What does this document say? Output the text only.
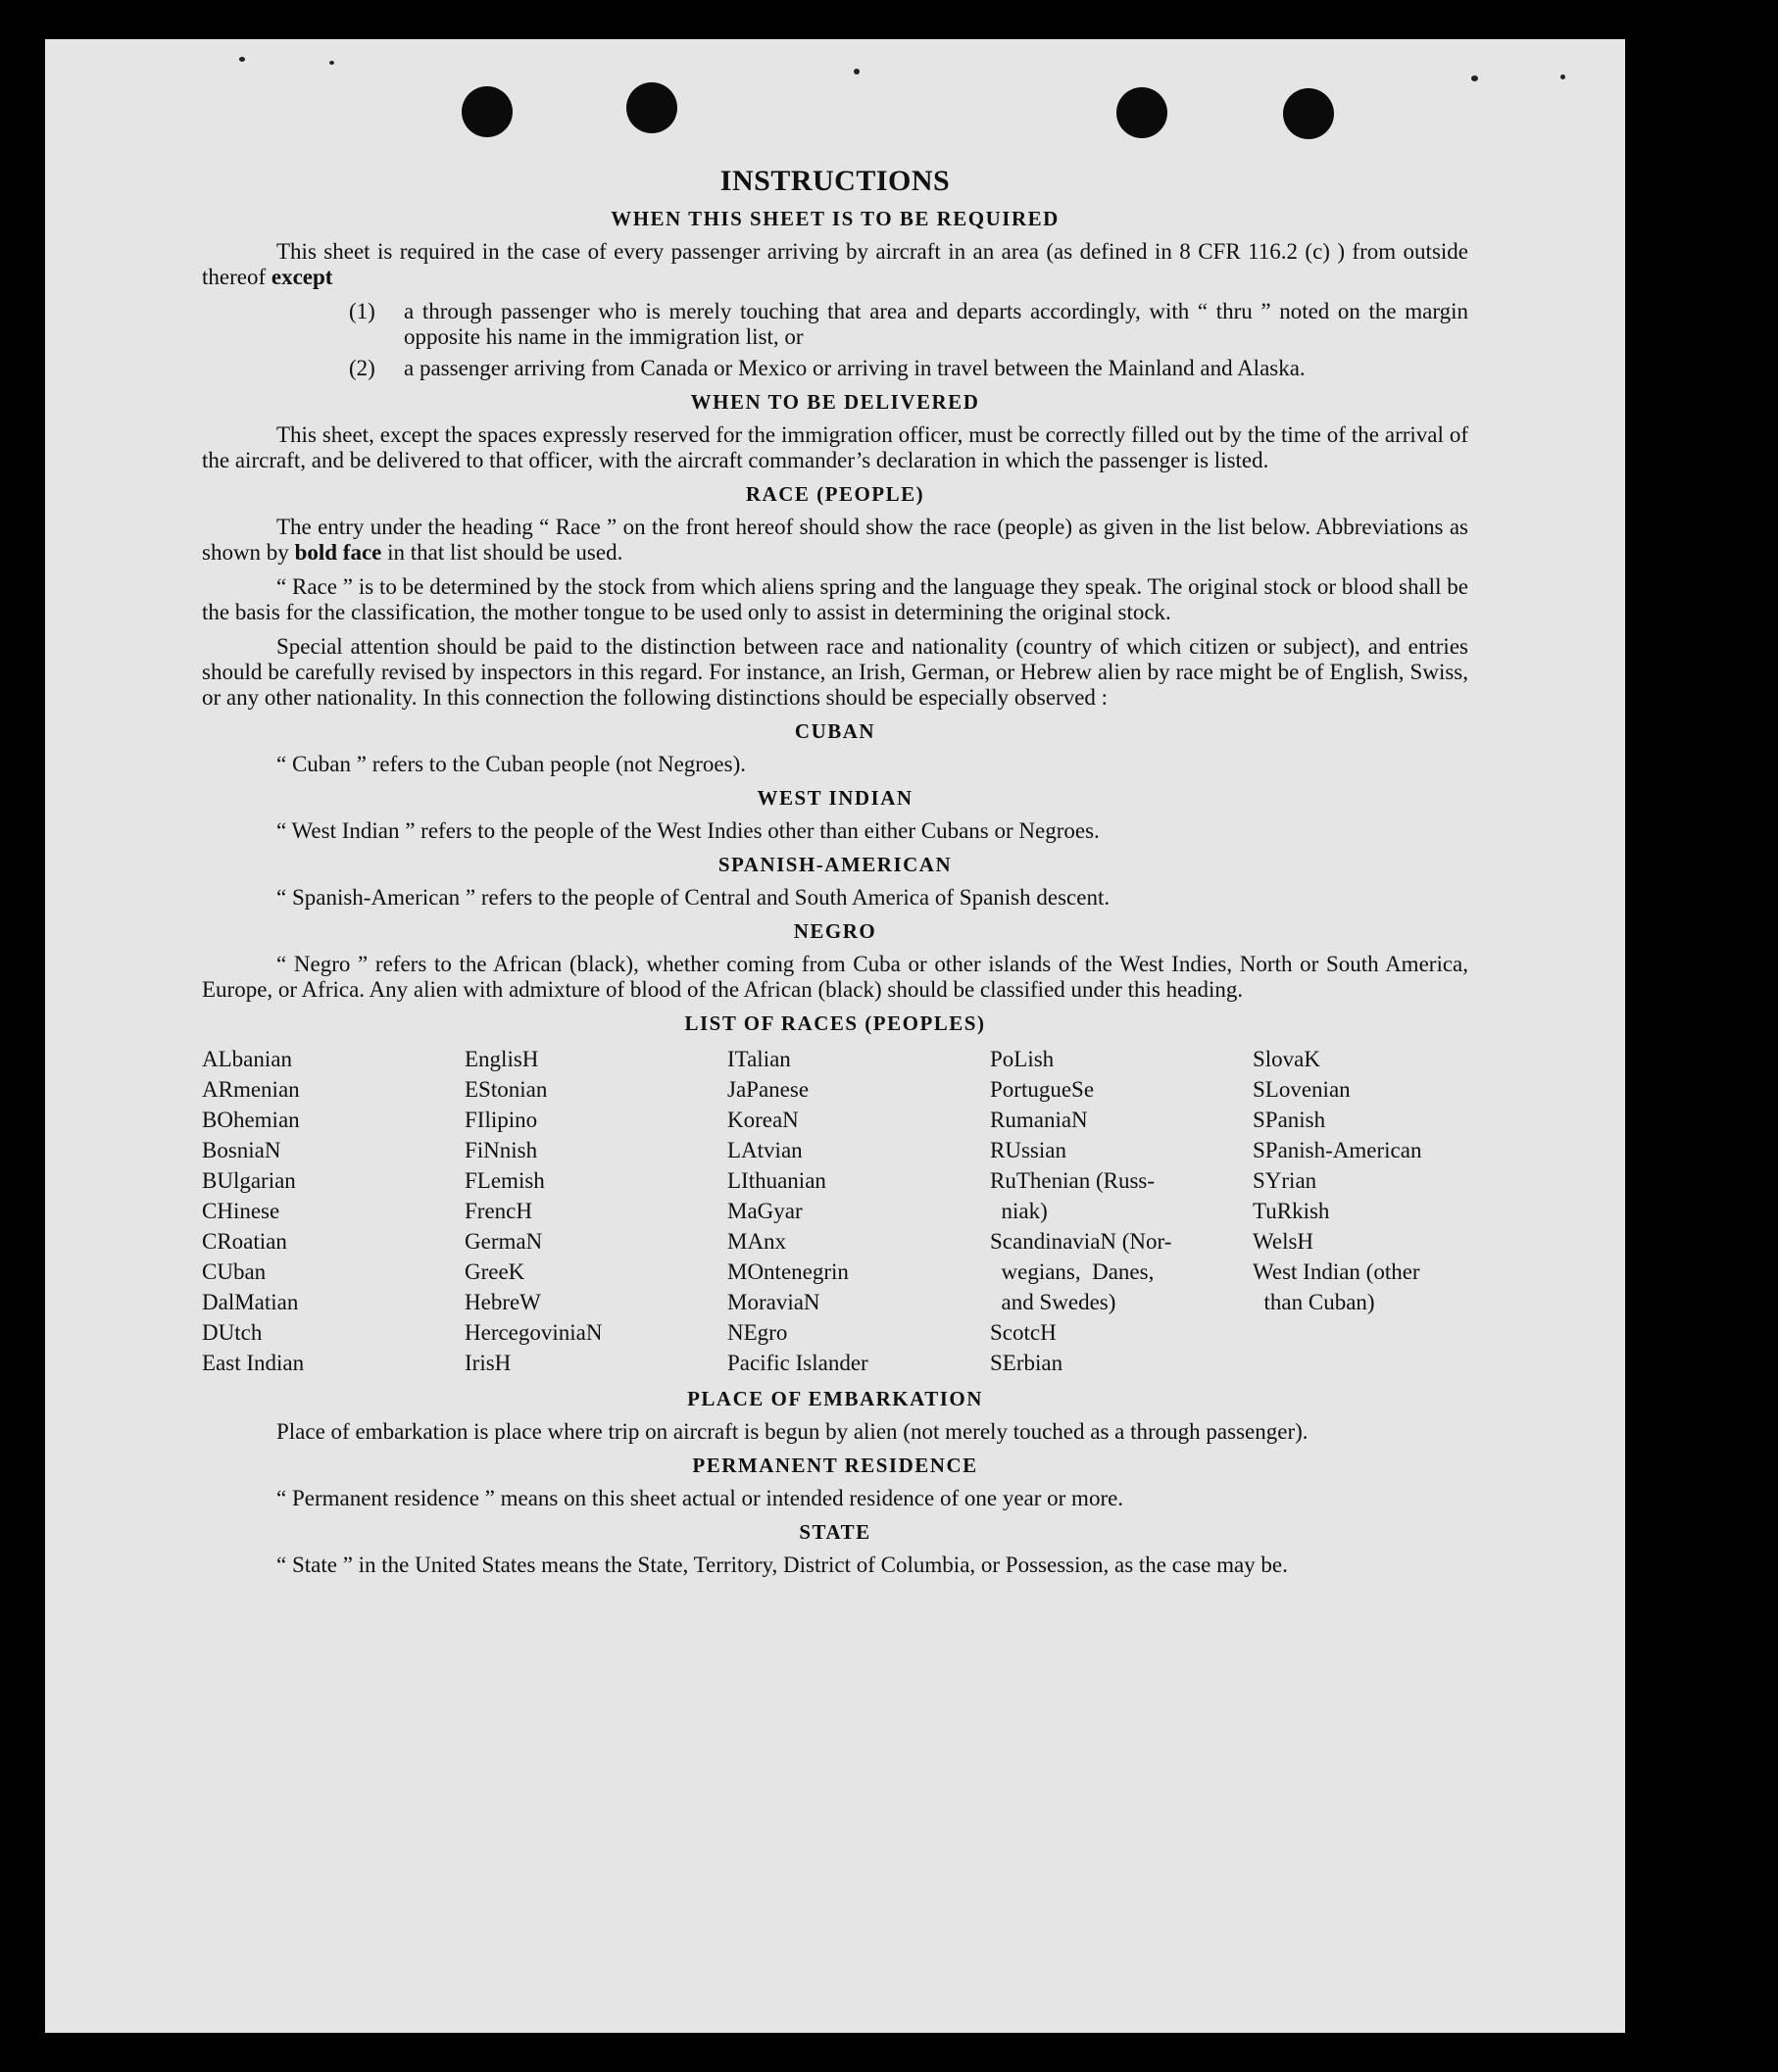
INSTRUCTIONS
WHEN THIS SHEET IS TO BE REQUIRED

This sheet is required in the case of every passenger arriving by aircraft in an area (as defined in 8 CFR 116.2 (c) ) from outside thereof except

(1)	a through passenger who is merely touching that area and departs accordingly, with “ thru ” noted on the margin opposite his name in the immigration list, or
(2)	a passenger arriving from Canada or Mexico or arriving in travel between the Mainland and Alaska.
WHEN TO BE DELIVERED

This sheet, except the spaces expressly reserved for the immigration officer, must be correctly filled out by the time of the arrival of the aircraft, and be delivered to that officer, with the aircraft commander’s declaration in which the passenger is listed.

RACE (PEOPLE)

The entry under the heading “ Race ” on the front hereof should show the race (people) as given in the list below. Abbreviations as shown by bold face in that list should be used.

“ Race ” is to be determined by the stock from which aliens spring and the language they speak. The original stock or blood shall be the basis for the classification, the mother tongue to be used only to assist in determining the original stock.

Special attention should be paid to the distinction between race and nationality (country of which citizen or subject), and entries should be carefully revised by inspectors in this regard. For instance, an Irish, German, or Hebrew alien by race might be of English, Swiss, or any other nationality. In this connection the following distinctions should be especially observed :

CUBAN

“ Cuban ” refers to the Cuban people (not Negroes).

WEST INDIAN

“ West Indian ” refers to the people of the West Indies other than either Cubans or Negroes.

SPANISH-AMERICAN

“ Spanish-American ” refers to the people of Central and South America of Spanish descent.

NEGRO

“ Negro ” refers to the African (black), whether coming from Cuba or other islands of the West Indies, North or South America, Europe, or Africa. Any alien with admixture of blood of the African (black) should be classified under this heading.

LIST OF RACES (PEOPLES)
ALbanian
ARmenian
BOhemian
BosniaN
BUlgarian
CHinese
CRoatian
CUban
DalMatian
DUtch
East Indian
EnglisH
EStonian
FIlipino
FiNnish
FLemish
FrencH
GermaN
GreeK
HebreW
HercegoviniaN
IrisH
ITalian
JaPanese
KoreaN
LAtvian
LIthuanian
MaGyar
MAnx
MOntenegrin
MoraviaN
NEgro
Pacific Islander
PoLish
PortugueSe
RumaniaN
RUssian
RuThenian (Russ-
niak)
ScandinaviaN (Nor-
wegians,  Danes,
and Swedes)
ScotcH
SErbian
SlovaK
SLovenian
SPanish
SPanish-American
SYrian
TuRkish
WelsH
West Indian (other
than Cuban)
PLACE OF EMBARKATION

Place of embarkation is place where trip on aircraft is begun by alien (not merely touched as a through passenger).

PERMANENT RESIDENCE

“ Permanent residence ” means on this sheet actual or intended residence of one year or more.

STATE

“ State ” in the United States means the State, Territory, District of Columbia, or Possession, as the case may be.
